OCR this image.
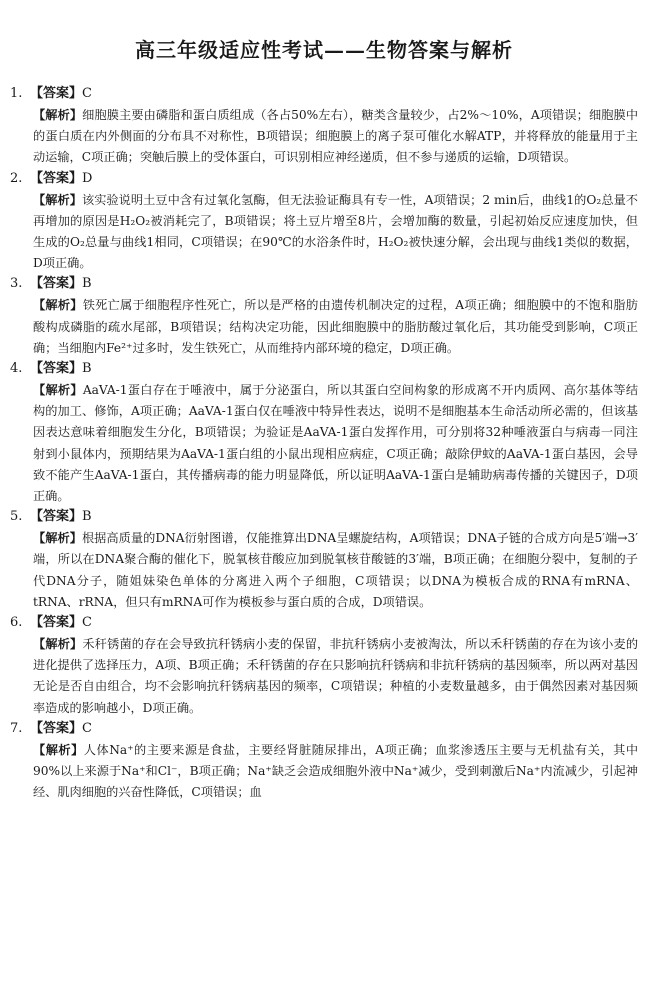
高三年级适应性考试——生物答案与解析
1. 【答案】C
【解析】细胞膜主要由磷脂和蛋白质组成（各占50%左右），糖类含量较少，占2%～10%，A项错误；细胞膜中的蛋白质在内外侧面的分布具不对称性，B项错误；细胞膜上的离子泵可催化水解ATP，并将释放的能量用于主动运输，C项正确；突触后膜上的受体蛋白，可识别相应神经递质，但不参与递质的运输，D项错误。
2. 【答案】D
【解析】该实验说明土豆中含有过氧化氢酶，但无法验证酶具有专一性，A项错误；2 min后，曲线1的O₂总量不再增加的原因是H₂O₂被消耗完了，B项错误；将土豆片增至8片，会增加酶的数量，引起初始反应速度加快，但生成的O₂总量与曲线1相同，C项错误；在90℃的水浴条件时，H₂O₂被快速分解，会出现与曲线1类似的数据，D项正确。
3. 【答案】B
【解析】铁死亡属于细胞程序性死亡，所以是严格的由遗传机制决定的过程，A项正确；细胞膜中的不饱和脂肪酸构成磷脂的疏水尾部，B项错误；结构决定功能，因此细胞膜中的脂肪酸过氧化后，其功能受到影响，C项正确；当细胞内Fe²⁺过多时，发生铁死亡，从而维持内部环境的稳定，D项正确。
4. 【答案】B
【解析】AaVA-1蛋白存在于唾液中，属于分泌蛋白，所以其蛋白空间构象的形成离不开内质网、高尔基体等结构的加工、修饰，A项正确；AaVA-1蛋白仅在唾液中特异性表达，说明不是细胞基本生命活动所必需的，但该基因表达意味着细胞发生分化，B项错误；为验证是AaVA-1蛋白发挥作用，可分别将32种唾液蛋白与病毒一同注射到小鼠体内，预期结果为AaVA-1蛋白组的小鼠出现相应病症，C项正确；敲除伊蚊的AaVA-1蛋白基因，会导致不能产生AaVA-1蛋白，其传播病毒的能力明显降低，所以证明AaVA-1蛋白是辅助病毒传播的关键因子，D项正确。
5. 【答案】B
【解析】根据高质量的DNA衍射图谱，仅能推算出DNA呈螺旋结构，A项错误；DNA子链的合成方向是5′端→3′端，所以在DNA聚合酶的催化下，脱氧核苷酸应加到脱氧核苷酸链的3′端，B项正确；在细胞分裂中，复制的子代DNA分子，随姐妹染色单体的分离进入两个子细胞，C项错误；以DNA为模板合成的RNA有mRNA、tRNA、rRNA，但只有mRNA可作为模板参与蛋白质的合成，D项错误。
6. 【答案】C
【解析】禾秆锈菌的存在会导致抗秆锈病小麦的保留，非抗秆锈病小麦被淘汰，所以禾秆锈菌的存在为该小麦的进化提供了选择压力，A项、B项正确；禾秆锈菌的存在只影响抗秆锈病和非抗秆锈病的基因频率，所以两对基因无论是否自由组合，均不会影响抗秆锈病基因的频率，C项错误；种植的小麦数量越多，由于偶然因素对基因频率造成的影响越小，D项正确。
7. 【答案】C
【解析】人体Na⁺的主要来源是食盐，主要经肾脏随尿排出，A项正确；血浆渗透压主要与无机盐有关，其中90%以上来源于Na⁺和Cl⁻，B项正确；Na⁺缺乏会造成细胞外液中Na⁺减少，受到刺激后Na⁺内流减少，引起神经、肌肉细胞的兴奋性降低，C项错误；血
